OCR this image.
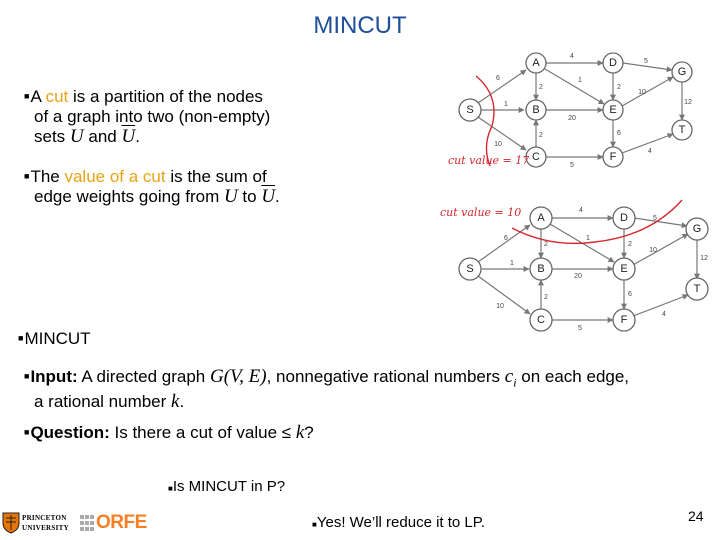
MINCUT
■A cut is a partition of the nodes
of a graph into two (non-empty)
sets U and $\overline{U}$.
■The value of a cut is the sum of
edge weights going from U to $\overline{U}$.
■MINCUT
■Input: A directed graph G(V, E), nonnegative rational numbers $c_i$ on each edge,
a rational number k.
■Question: Is there a cut of value ≤ k?
■Is MINCUT in P?
■Yes! We’ll reduce it to LP.	24
PRINCETON
UNIVERSITY ORFE
6
1
10
4
2
1
20
2
5
5
2
10
6
12
4
S
A
B
C
D
E
F
G
T
cut value = 17
6
1
10
4
2
1
20
2
5
5
2
10
6
12
4
S
A
B
C
D
E
F
G
T
cut value = 10
